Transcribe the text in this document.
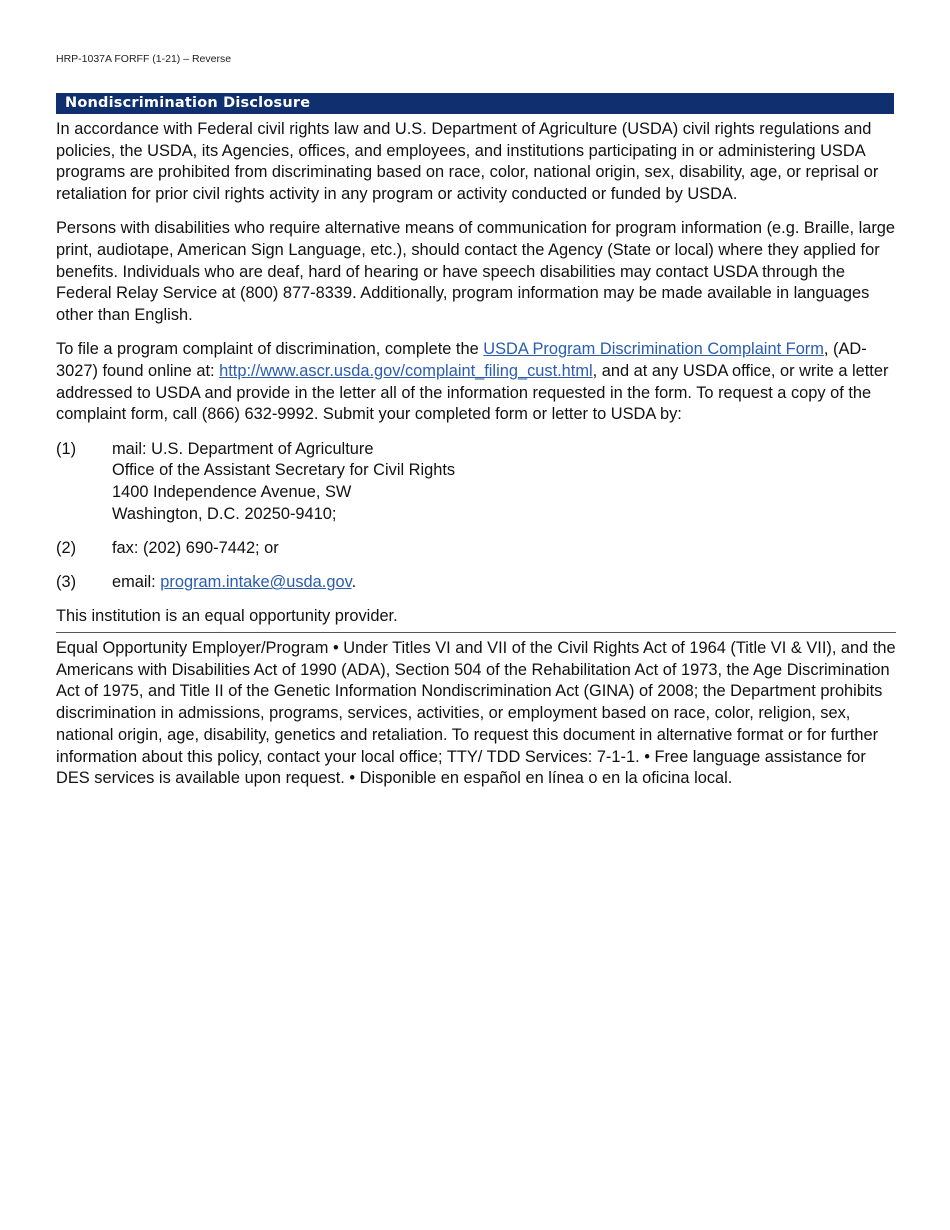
HRP-1037A FORFF (1-21) – Reverse
Nondiscrimination Disclosure

In accordance with Federal civil rights law and U.S. Department of Agriculture (USDA) civil rights regulations and policies, the USDA, its Agencies, offices, and employees, and institutions participating in or administering USDA programs are prohibited from discriminating based on race, color, national origin, sex, disability, age, or reprisal or retaliation for prior civil rights activity in any program or activity conducted or funded by USDA.

Persons with disabilities who require alternative means of communication for program information (e.g. Braille, large print, audiotape, American Sign Language, etc.), should contact the Agency (State or local) where they applied for benefits. Individuals who are deaf, hard of hearing or have speech disabilities may contact USDA through the Federal Relay Service at (800) 877-8339. Additionally, program information may be made available in languages other than English.

To file a program complaint of discrimination, complete the USDA Program Discrimination Complaint Form, (AD-3027) found online at: http://www.ascr.usda.gov/complaint_filing_cust.html, and at any USDA office, or write a letter addressed to USDA and provide in the letter all of the information requested in the form. To request a copy of the complaint form, call (866) 632-9992. Submit your completed form or letter to USDA by:

(1)	mail: U.S. Department of Agriculture
Office of the Assistant Secretary for Civil Rights
1400 Independence Avenue, SW
Washington, D.C. 20250-9410;
(2)	fax: (202) 690-7442; or
(3)	email: program.intake@usda.gov.

This institution is an equal opportunity provider.

Equal Opportunity Employer/Program • Under Titles VI and VII of the Civil Rights Act of 1964 (Title VI & VII), and the Americans with Disabilities Act of 1990 (ADA), Section 504 of the Rehabilitation Act of 1973, the Age Discrimination Act of 1975, and Title II of the Genetic Information Nondiscrimination Act (GINA) of 2008; the Department prohibits discrimination in admissions, programs, services, activities, or employment based on race, color, religion, sex, national origin, age, disability, genetics and retaliation. To request this document in alternative format or for further information about this policy, contact your local office; TTY/ TDD Services: 7-1-1. • Free language assistance for DES services is available upon request. • Disponible en español en línea o en la oficina local.
